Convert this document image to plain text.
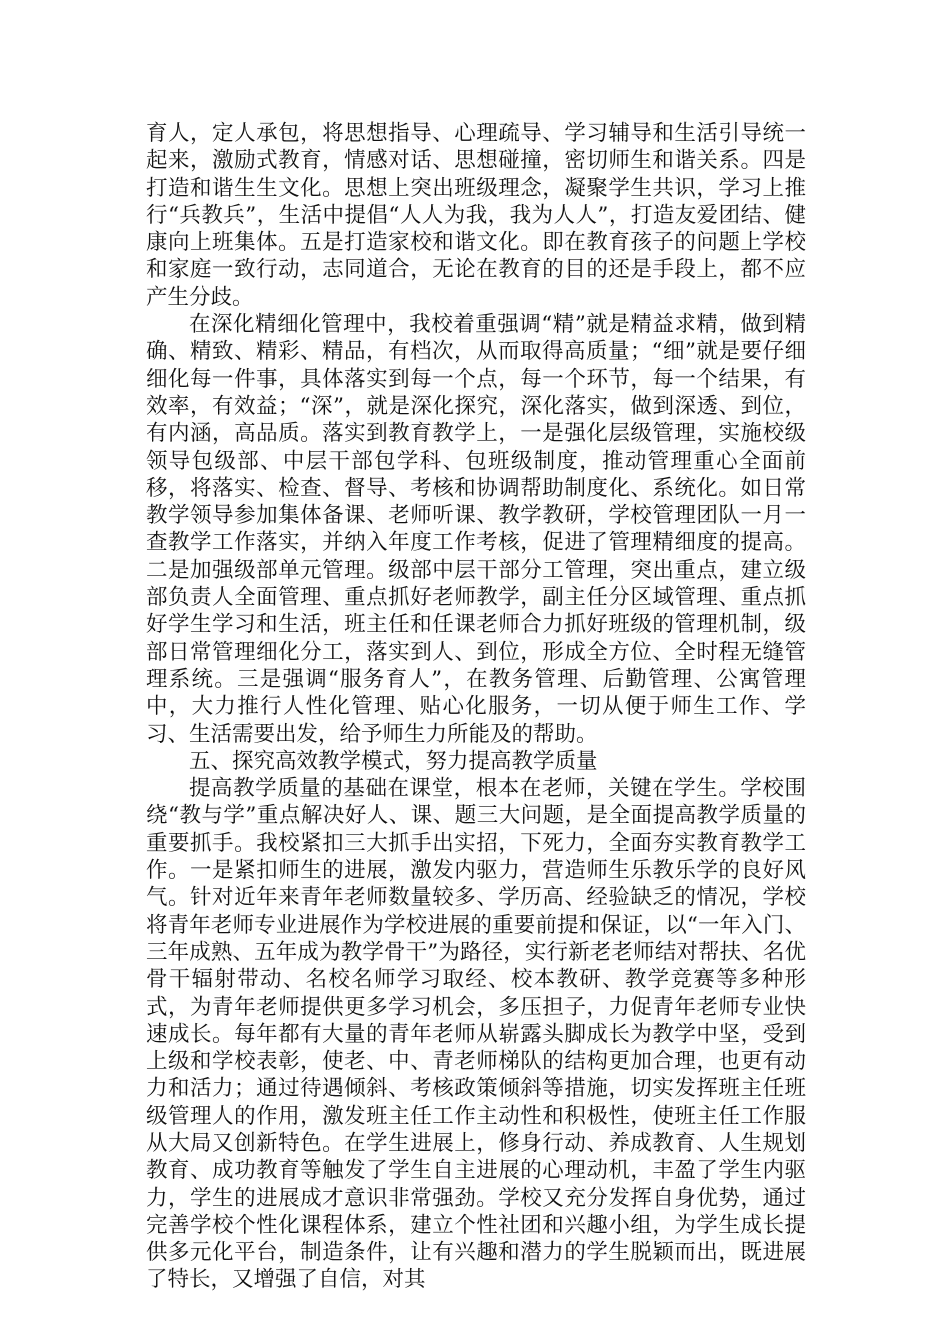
育人，定人承包，将思想指导、心理疏导、学习辅导和生活引导统一起来，激励式教育，情感对话、思想碰撞，密切师生和谐关系。四是打造和谐生生文化。思想上突出班级理念，凝聚学生共识，学习上推行“兵教兵”，生活中提倡“人人为我，我为人人”，打造友爱团结、健康向上班集体。五是打造家校和谐文化。即在教育孩子的问题上学校和家庭一致行动，志同道合，无论在教育的目的还是手段上，都不应产生分歧。

在深化精细化管理中，我校着重强调“精”就是精益求精，做到精确、精致、精彩、精品，有档次，从而取得高质量；“细”就是要仔细细化每一件事，具体落实到每一个点，每一个环节，每一个结果，有效率，有效益；“深”，就是深化探究，深化落实，做到深透、到位，有内涵，高品质。落实到教育教学上，一是强化层级管理，实施校级领导包级部、中层干部包学科、包班级制度，推动管理重心全面前移，将落实、检查、督导、考核和协调帮助制度化、系统化。如日常教学领导参加集体备课、老师听课、教学教研，学校管理团队一月一查教学工作落实，并纳入年度工作考核，促进了管理精细度的提高。二是加强级部单元管理。级部中层干部分工管理，突出重点，建立级部负责人全面管理、重点抓好老师教学，副主任分区域管理、重点抓好学生学习和生活，班主任和任课老师合力抓好班级的管理机制，级部日常管理细化分工，落实到人、到位，形成全方位、全时程无缝管理系统。三是强调“服务育人”，在教务管理、后勤管理、公寓管理中，大力推行人性化管理、贴心化服务，一切从便于师生工作、学习、生活需要出发，给予师生力所能及的帮助。

五、探究高效教学模式，努力提高教学质量

提高教学质量的基础在课堂，根本在老师，关键在学生。学校围绕“教与学”重点解决好人、课、题三大问题，是全面提高教学质量的重要抓手。我校紧扣三大抓手出实招，下死力，全面夯实教育教学工作。一是紧扣师生的进展，激发内驱力，营造师生乐教乐学的良好风气。针对近年来青年老师数量较多、学历高、经验缺乏的情况，学校将青年老师专业进展作为学校进展的重要前提和保证，以“一年入门、三年成熟、五年成为教学骨干”为路径，实行新老老师结对帮扶、名优骨干辐射带动、名校名师学习取经、校本教研、教学竞赛等多种形式，为青年老师提供更多学习机会，多压担子，力促青年老师专业快速成长。每年都有大量的青年老师从崭露头脚成长为教学中坚，受到上级和学校表彰，使老、中、青老师梯队的结构更加合理，也更有动力和活力；通过待遇倾斜、考核政策倾斜等措施，切实发挥班主任班级管理人的作用，激发班主任工作主动性和积极性，使班主任工作服从大局又创新特色。在学生进展上，修身行动、养成教育、人生规划教育、成功教育等触发了学生自主进展的心理动机，丰盈了学生内驱力，学生的进展成才意识非常强劲。学校又充分发挥自身优势，通过完善学校个性化课程体系，建立个性社团和兴趣小组，为学生成长提供多元化平台，制造条件，让有兴趣和潜力的学生脱颖而出，既进展了特长，又增强了自信，对其
